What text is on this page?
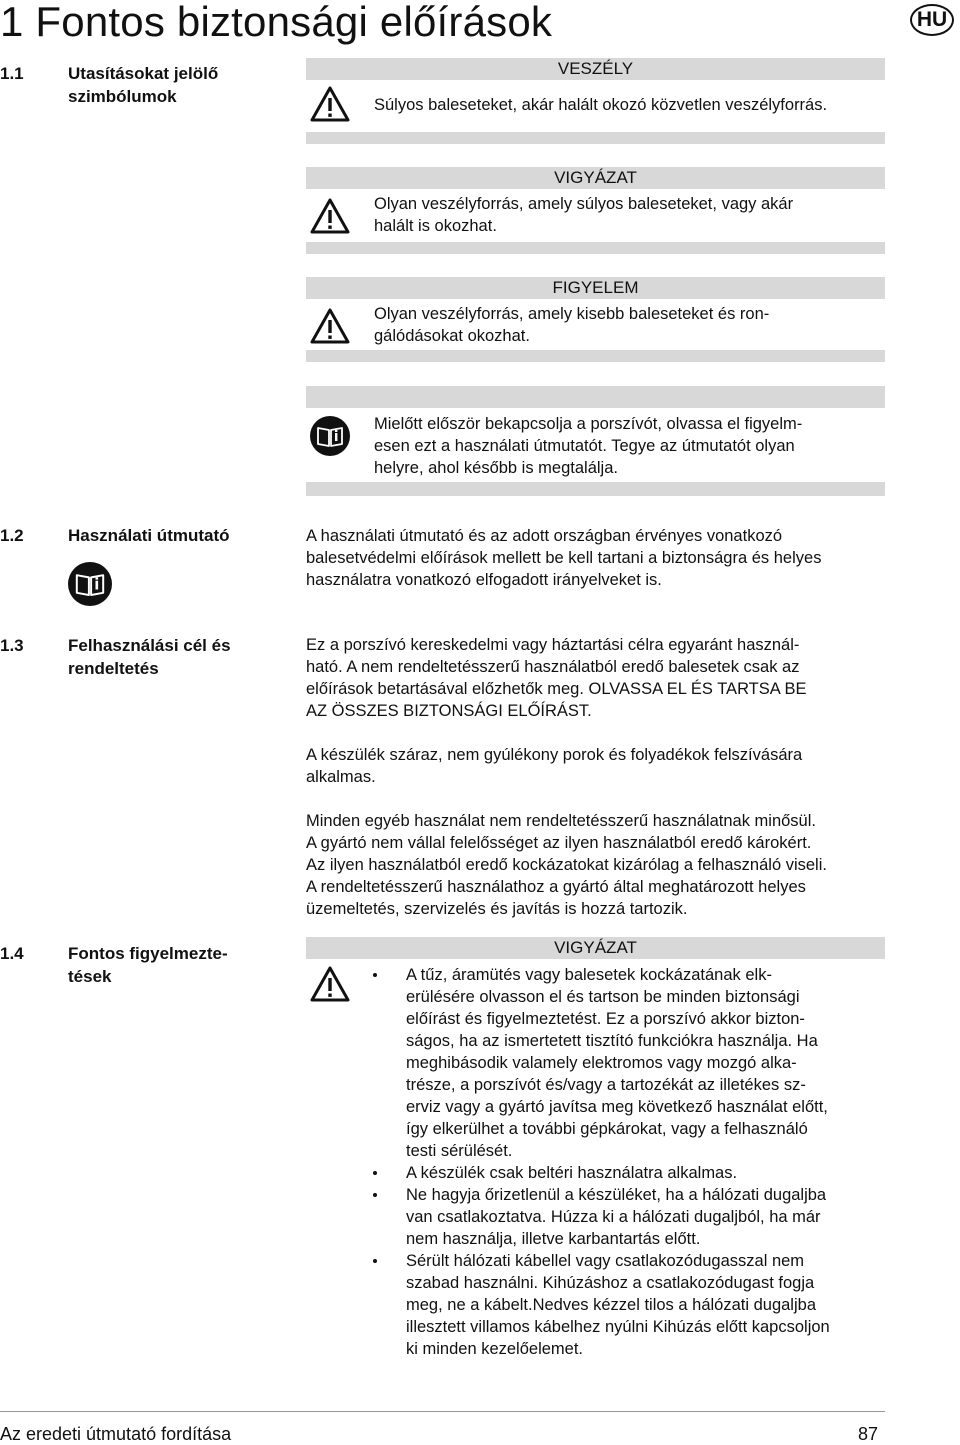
1 Fontos biztonsági előírások	HU
1.1	Utasításokat jelölő
szimbólumok
VESZÉLY
Súlyos baleseteket, akár halált okozó közvetlen veszélyforrás.
VIGYÁZAT
Olyan veszélyforrás, amely súlyos baleseteket, vagy akár
halált is okozhat.
FIGYELEM
Olyan veszélyforrás, amely kisebb baleseteket és ron-
gálódásokat okozhat.
Mielőtt először bekapcsolja a porszívót, olvassa el figyelm-
esen ezt a használati útmutatót. Tegye az útmutatót olyan
helyre, ahol később is megtalálja.
1.2	Használati útmutató	A használati útmutató és az adott országban érvényes vonatkozó
balesetvédelmi előírások mellett be kell tartani a biztonságra és helyes
használatra vonatkozó elfogadott irányelveket is.
1.3	Felhasználási cél és
rendeltetés
Ez a porszívó kereskedelmi vagy háztartási célra egyaránt használ-
ható. A nem rendeltetésszerű használatból eredő balesetek csak az
előírások betartásával előzhetők meg. OLVASSA EL ÉS TARTSA BE
AZ ÖSSZES BIZTONSÁGI ELŐÍRÁST.
A készülék száraz, nem gyúlékony porok és folyadékok felszívására
alkalmas.
Minden egyéb használat nem rendeltetésszerű használatnak minősül.
A gyártó nem vállal felelősséget az ilyen használatból eredő károkért.
Az ilyen használatból eredő kockázatokat kizárólag a felhasználó viseli.
A rendeltetésszerű használathoz a gyártó által meghatározott helyes
üzemeltetés, szervizelés és javítás is hozzá tartozik.
1.4	Fontos figyelmezte-
tések
VIGYÁZAT
A tűz, áramütés vagy balesetek kockázatának elk-
erülésére olvasson el és tartson be minden biztonsági
előírást és figyelmeztetést. Ez a porszívó akkor bizton-
ságos, ha az ismertetett tisztító funkciókra használja. Ha
meghibásodik valamely elektromos vagy mozgó alka-
trésze, a porszívót és/vagy a tartozékát az illetékes sz-
erviz vagy a gyártó javítsa meg következő használat előtt,
így elkerülhet a további gépkárokat, vagy a felhasználó
testi sérülését.
A készülék csak beltéri használatra alkalmas.
Ne hagyja őrizetlenül a készüléket, ha a hálózati dugaljba
van csatlakoztatva. Húzza ki a hálózati dugaljból, ha már
nem használja, illetve karbantartás előtt.
Sérült hálózati kábellel vagy csatlakozódugasszal nem
szabad használni. Kihúzáshoz a csatlakozódugast fogja
meg, ne a kábelt.Nedves kézzel tilos a hálózati dugaljba
illesztett villamos kábelhez nyúlni Kihúzás előtt kapcsoljon
ki minden kezelőelemet.
Az eredeti útmutató fordítása	87
